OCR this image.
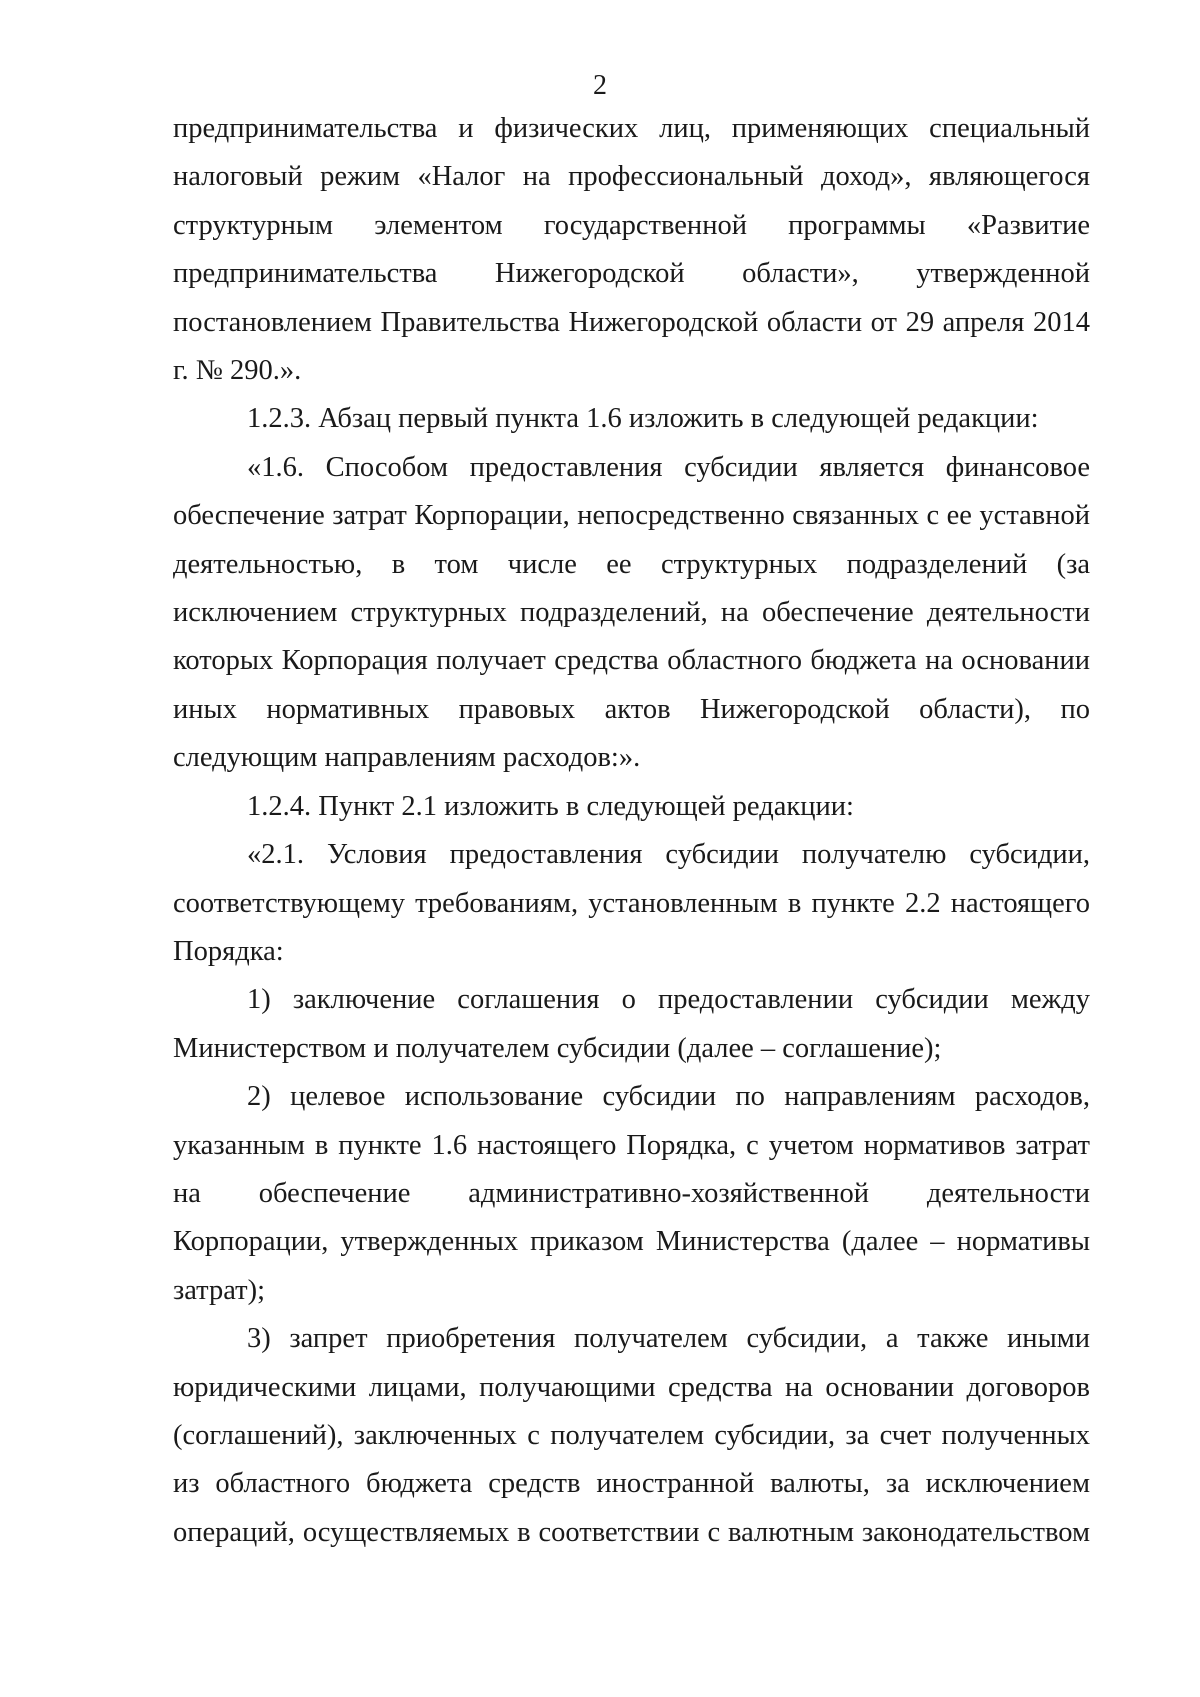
2

предпринимательства и физических лиц, применяющих специальный налоговый режим «Налог на профессиональный доход», являющегося структурным элементом государственной программы «Развитие предпринимательства Нижегородской области», утвержденной постановлением Правительства Нижегородской области от 29 апреля 2014 г. № 290.».

1.2.3. Абзац первый пункта 1.6 изложить в следующей редакции:

«1.6. Способом предоставления субсидии является финансовое обеспечение затрат Корпорации, непосредственно связанных с ее уставной деятельностью, в том числе ее структурных подразделений (за исключением структурных подразделений, на обеспечение деятельности которых Корпорация получает средства областного бюджета на основании иных нормативных правовых актов Нижегородской области), по следующим направлениям расходов:».

1.2.4. Пункт 2.1 изложить в следующей редакции:

«2.1. Условия предоставления субсидии получателю субсидии, соответствующему требованиям, установленным в пункте 2.2 настоящего Порядка:

1) заключение соглашения о предоставлении субсидии между Министерством и получателем субсидии (далее – соглашение);

2) целевое использование субсидии по направлениям расходов, указанным в пункте 1.6 настоящего Порядка, с учетом нормативов затрат на обеспечение административно-хозяйственной деятельности Корпорации, утвержденных приказом Министерства (далее – нормативы затрат);

3) запрет приобретения получателем субсидии, а также иными юридическими лицами, получающими средства на основании договоров (соглашений), заключенных с получателем субсидии, за счет полученных из областного бюджета средств иностранной валюты, за исключением операций, осуществляемых в соответствии с валютным законодательством
